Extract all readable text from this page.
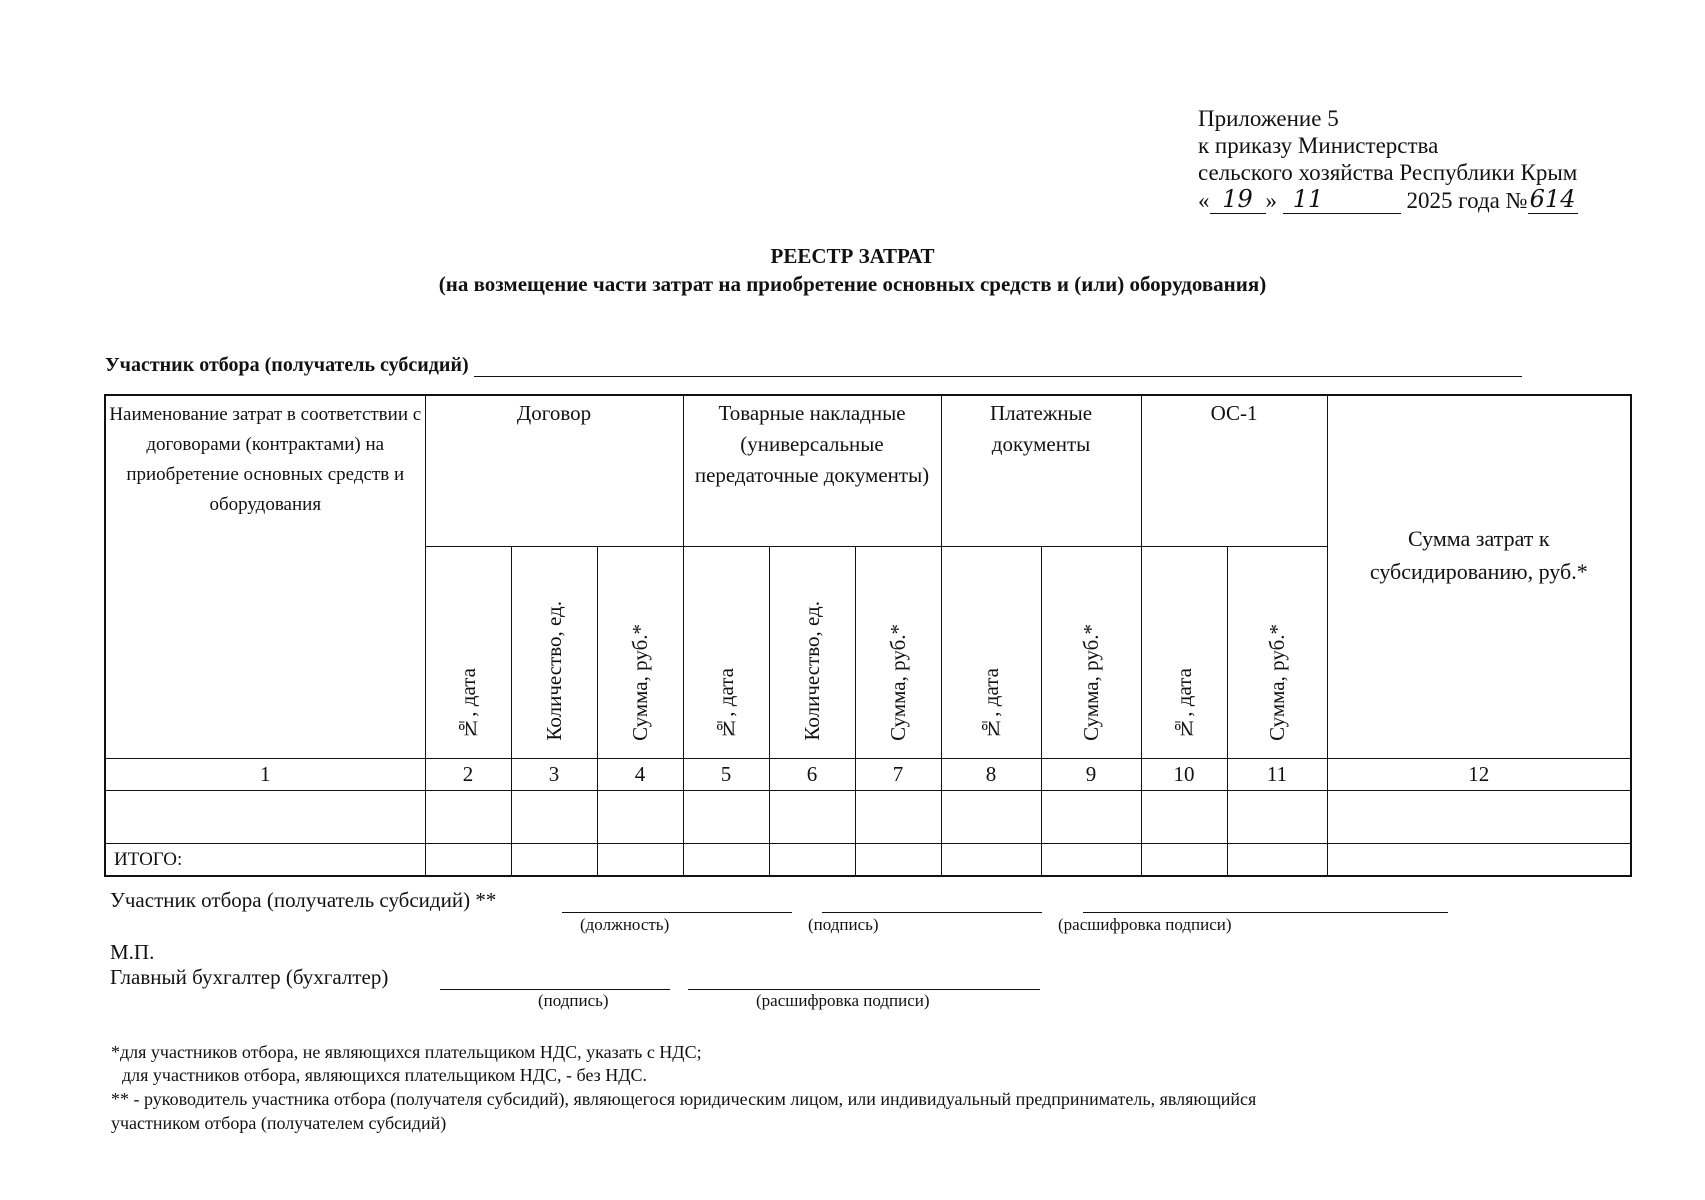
Приложение 5
к приказу Министерства
сельского хозяйства Республики Крым
« 19 » 11	2025 года №614
РЕЕСТР ЗАТРАТ
(на возмещение части затрат на приобретение основных средств и (или) оборудования)
Участник отбора (получатель субсидий)
Наименование затрат в соответствии с договорами (контрактами) на приобретение основных средств и оборудования	Договор			Товарные накладные (универсальные передаточные документы)			Платежные документы		ОС-1		Сумма затрат к субсидированию, руб.*
	№, дата	Количество, ед.	Сумма, руб.*	№, дата	Количество, ед.	Сумма, руб.*	№, дата	Сумма, руб.*	№, дата	Сумма, руб.*	
1	2	3	4	5	6	7	8	9	10	11	12

ИТОГО:											
Участник отбора (получатель субсидий) **
(должность)	(подпись)	(расшифровка подписи)
М.П.
Главный бухгалтер (бухгалтер)
(подпись)	(расшифровка подписи)
*для участников отбора, не являющихся плательщиком НДС, указать с НДС;
для участников отбора, являющихся плательщиком НДС, - без НДС.
** - руководитель участника отбора (получателя субсидий), являющегося юридическим лицом, или индивидуальный предприниматель, являющийся
участником отбора (получателем субсидий)
